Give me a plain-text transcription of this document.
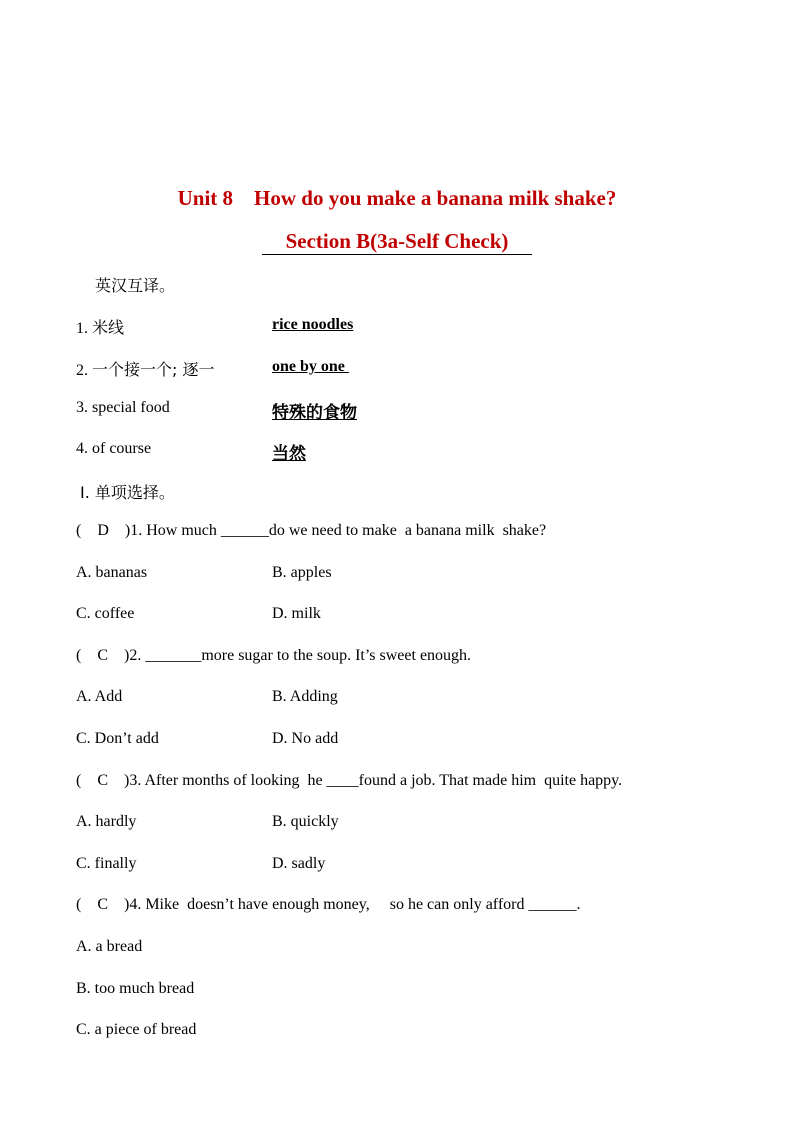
Unit 8    How do you make a banana milk shake?
Section B(3a-Self Check)
英汉互译。
1. 米线	rice noodles
2. 一个接一个; 逐一	one by one
3. special food	特殊的食物
4. of course	当然
Ⅰ. 单项选择。
(    D    )1. How much ______do we need to make  a banana milk  shake?
A. bananas	B. apples
C. coffee	D. milk
(    C    )2. _______more sugar to the soup. It’s sweet enough.
A. Add	B. Adding
C. Don’t add	D. No add
(    C    )3. After months of looking  he ____found a job. That made him  quite happy.
A. hardly	B. quickly
C. finally	D. sadly
(    C    )4. Mike  doesn’t have enough money,     so he can only afford ______.
A. a bread
B. too much bread
C. a piece of bread
